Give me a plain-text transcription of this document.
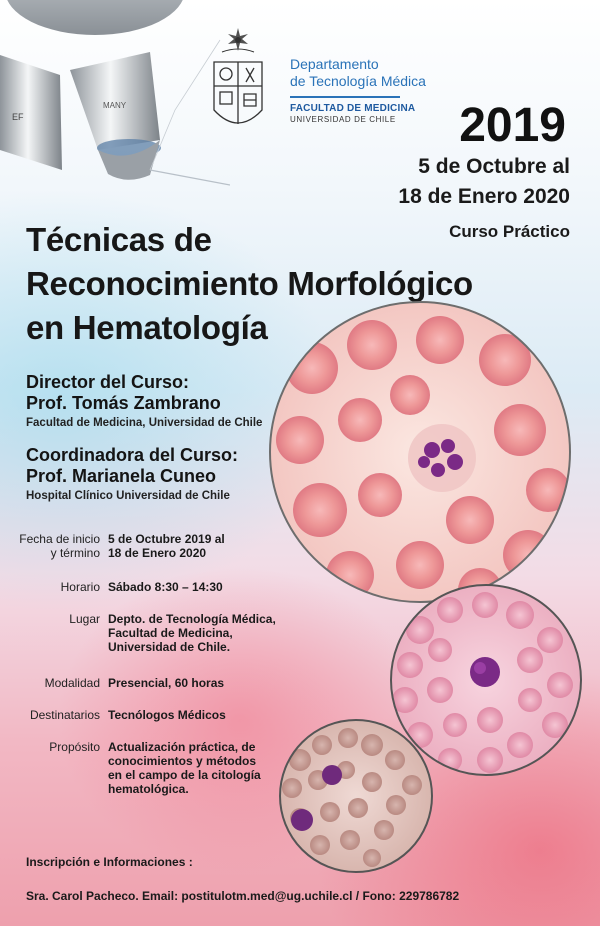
EF
MANY
Departamento
de Tecnología Médica
FACULTAD DE MEDICINA
UNIVERSIDAD DE CHILE	2019
5 de Octubre al
18 de Enero 2020
Curso Práctico
Técnicas de
Reconocimiento Morfológico
en Hematología
Director del Curso:
Prof. Tomás Zambrano
Facultad de Medicina, Universidad de Chile
Coordinadora del Curso:
Prof. Marianela Cuneo
Hospital Clínico Universidad de Chile
Fecha de inicio
y término
5 de Octubre 2019 al
18 de Enero 2020
Horario Sábado 8:30 – 14:30
Lugar Depto. de Tecnología Médica,
Facultad de Medicina,
Universidad de Chile.
Modalidad Presencial, 60 horas
Destinatarios Tecnólogos Médicos
Propósito Actualización práctica, de
conocimientos y métodos
en el campo de la citología
hematológica.
Inscripción e Informaciones :
Sra. Carol Pacheco. Email: postitulotm.med@ug.uchile.cl / Fono: 229786782
